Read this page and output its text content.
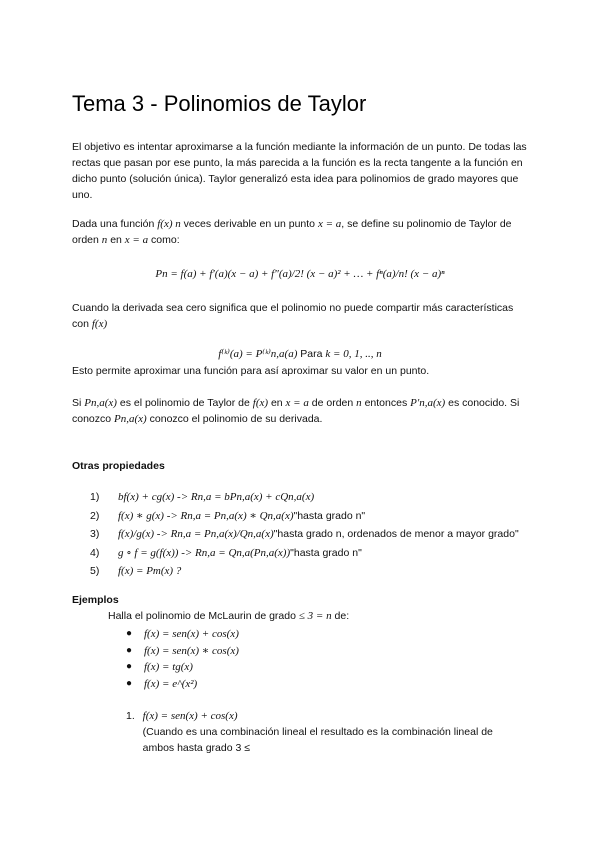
Tema 3 - Polinomios de Taylor

El objetivo es intentar aproximarse a la función mediante la información de un punto. De todas las rectas que pasan por ese punto, la más parecida a la función es la recta tangente a la función en dicho punto (solución única). Taylor generalizó esta idea para polinomios de grado mayores que uno.

Dada una función f(x) n veces derivable en un punto x = a, se define su polinomio de Taylor de orden n en x = a como:

Pn = f(a) + f′(a)(x − a) + f″(a)/2! (x − a)² + … + fⁿ(a)/n! (x − a)ⁿ

Cuando la derivada sea cero significa que el polinomio no puede compartir más características con f(x)

f⁽ᵏ⁾(a) = P⁽ᵏ⁾n,a(a) Para k = 0, 1, .., n

Esto permite aproximar una función para así aproximar su valor en un punto.

Si Pn,a(x) es el polinomio de Taylor de f(x) en x = a de orden n entonces P′n,a(x) es conocido. Si conozco Pn,a(x) conozco el polinomio de su derivada.

Otras propiedades
1)	bf(x) + cg(x) -> Rn,a = bPn,a(x) + cQn,a(x)
2)	f(x) ∗ g(x) -> Rn,a = Pn,a(x) ∗ Qn,a(x) "hasta grado n"
3)	f(x)/g(x) -> Rn,a = Pn,a(x)/Qn,a(x) "hasta grado n, ordenados de menor a mayor grado"
4)	g ∘ f = g(f(x)) -> Rn,a = Qn,a(Pn,a(x)) "hasta grado n"
5)	f(x) = Pm(x) ?
Ejemplos
Halla el polinomio de McLaurin de grado ≤ 3 = n de:
●	f(x) = sen(x) + cos(x)
●	f(x) = sen(x) ∗ cos(x)
●	f(x) = tg(x)
●	f(x) = e^(x²)
1. f(x) = sen(x) + cos(x)
(Cuando es una combinación lineal el resultado es la combinación lineal de ambos hasta grado 3 ≤
